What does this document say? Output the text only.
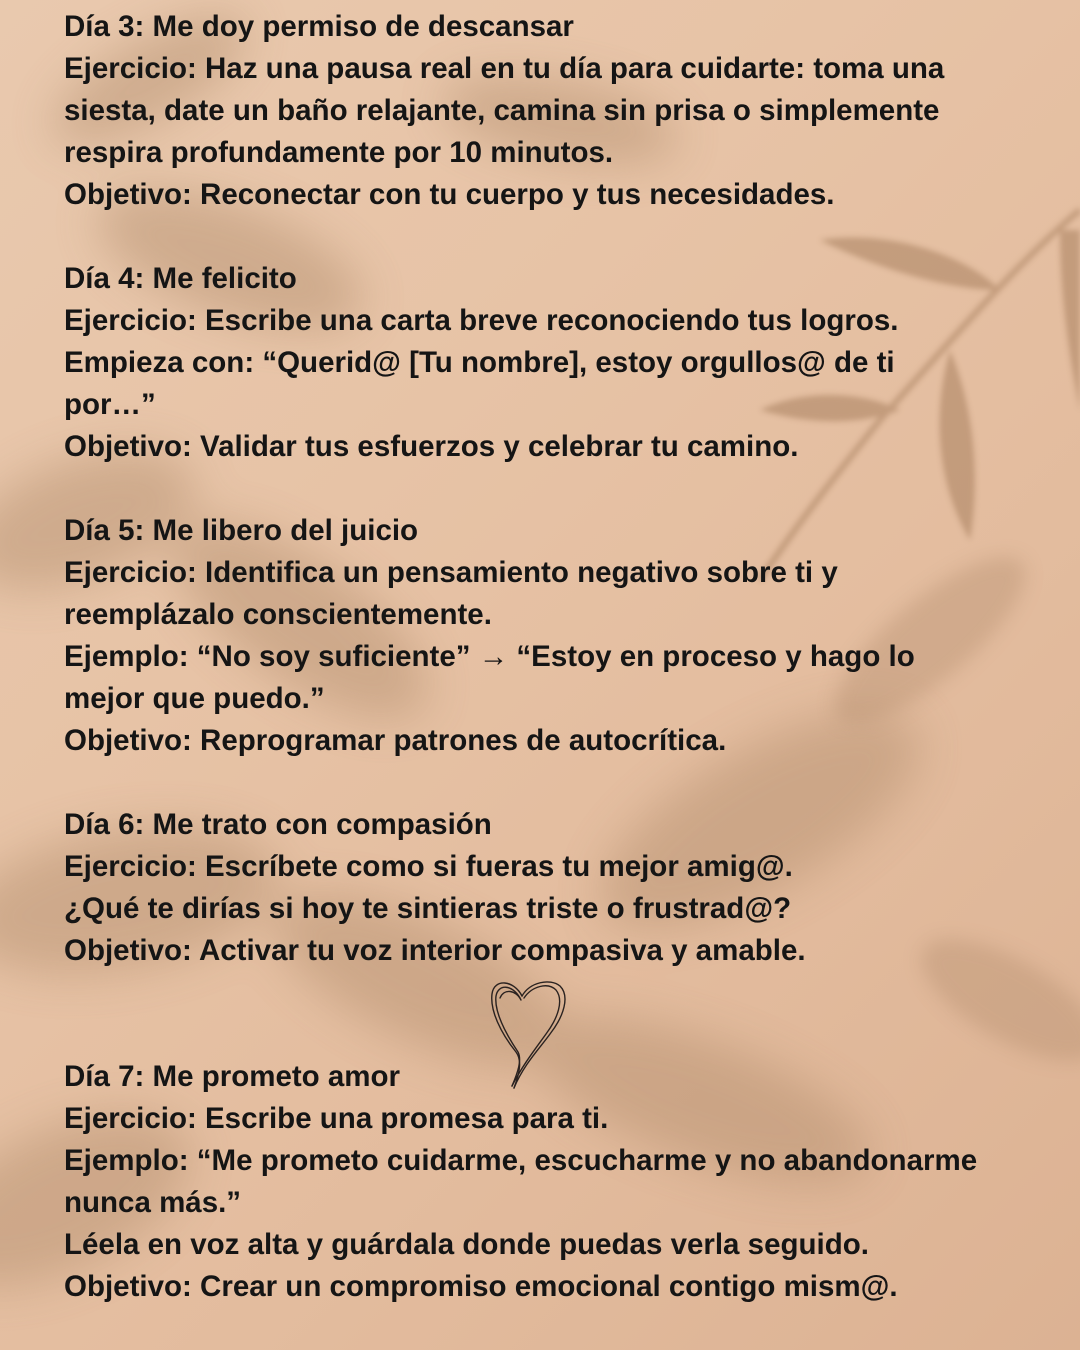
Día 3: Me doy permiso de descansar
Ejercicio: Haz una pausa real en tu día para cuidarte: toma una
siesta, date un baño relajante, camina sin prisa o simplemente
respira profundamente por 10 minutos.
Objetivo: Reconectar con tu cuerpo y tus necesidades.
Día 4: Me felicito
Ejercicio: Escribe una carta breve reconociendo tus logros.
Empieza con: “Querid@ [Tu nombre], estoy orgullos@ de ti
por…”
Objetivo: Validar tus esfuerzos y celebrar tu camino.
Día 5: Me libero del juicio
Ejercicio: Identifica un pensamiento negativo sobre ti y
reemplázalo conscientemente.
Ejemplo: “No soy suficiente” → “Estoy en proceso y hago lo
mejor que puedo.”
Objetivo: Reprogramar patrones de autocrítica.
Día 6: Me trato con compasión
Ejercicio: Escríbete como si fueras tu mejor amig@.
¿Qué te dirías si hoy te sintieras triste o frustrad@?
Objetivo: Activar tu voz interior compasiva y amable.
Día 7: Me prometo amor
Ejercicio: Escribe una promesa para ti.
Ejemplo: “Me prometo cuidarme, escucharme y no abandonarme
nunca más.”
Léela en voz alta y guárdala donde puedas verla seguido.
Objetivo: Crear un compromiso emocional contigo mism@.
